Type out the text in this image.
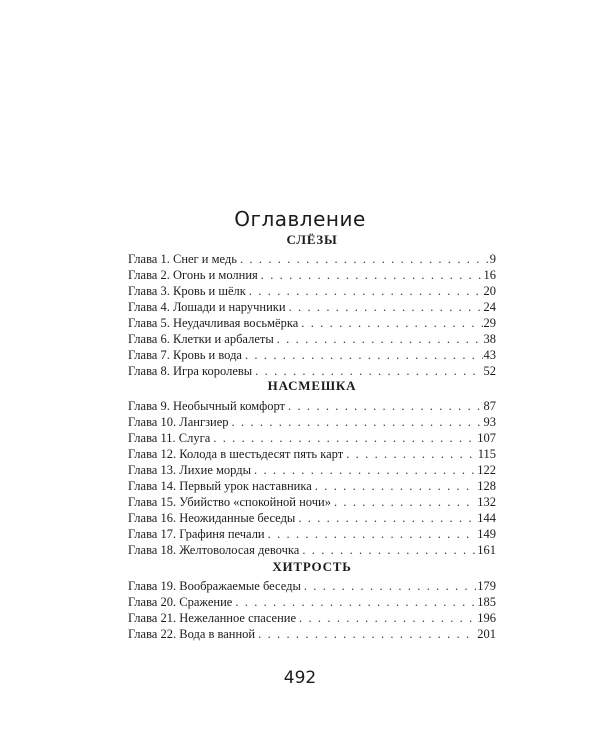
Оглавление
СЛЁЗЫ
Глава 1. Снег и медь . . .	9
Глава 2. Огонь и молния . . .	16
Глава 3. Кровь и шёлк . . .	20
Глава 4. Лошади и наручники . . .	24
Глава 5. Неудачливая восьмёрка . . .	29
Глава 6. Клетки и арбалеты . . .	38
Глава 7. Кровь и вода . . .	43
Глава 8. Игра королевы . . .	52
НАСМЕШКА
Глава 9. Необычный комфорт . . .	87
Глава 10. Лангзиер . . .	93
Глава 11. Слуга . . .	107
Глава 12. Колода в шестьдесят пять карт . . .	115
Глава 13. Лихие морды . . .	122
Глава 14. Первый урок наставника . . .	128
Глава 15. Убийство «спокойной ночи» . . .	132
Глава 16. Неожиданные беседы . . .	144
Глава 17. Графиня печали . . .	149
Глава 18. Желтоволосая девочка . . .	161
ХИТРОСТЬ
Глава 19. Воображаемые беседы . . .	179
Глава 20. Сражение . . .	185
Глава 21. Нежеланное спасение . . .	196
Глава 22. Вода в ванной . . .	201
492
